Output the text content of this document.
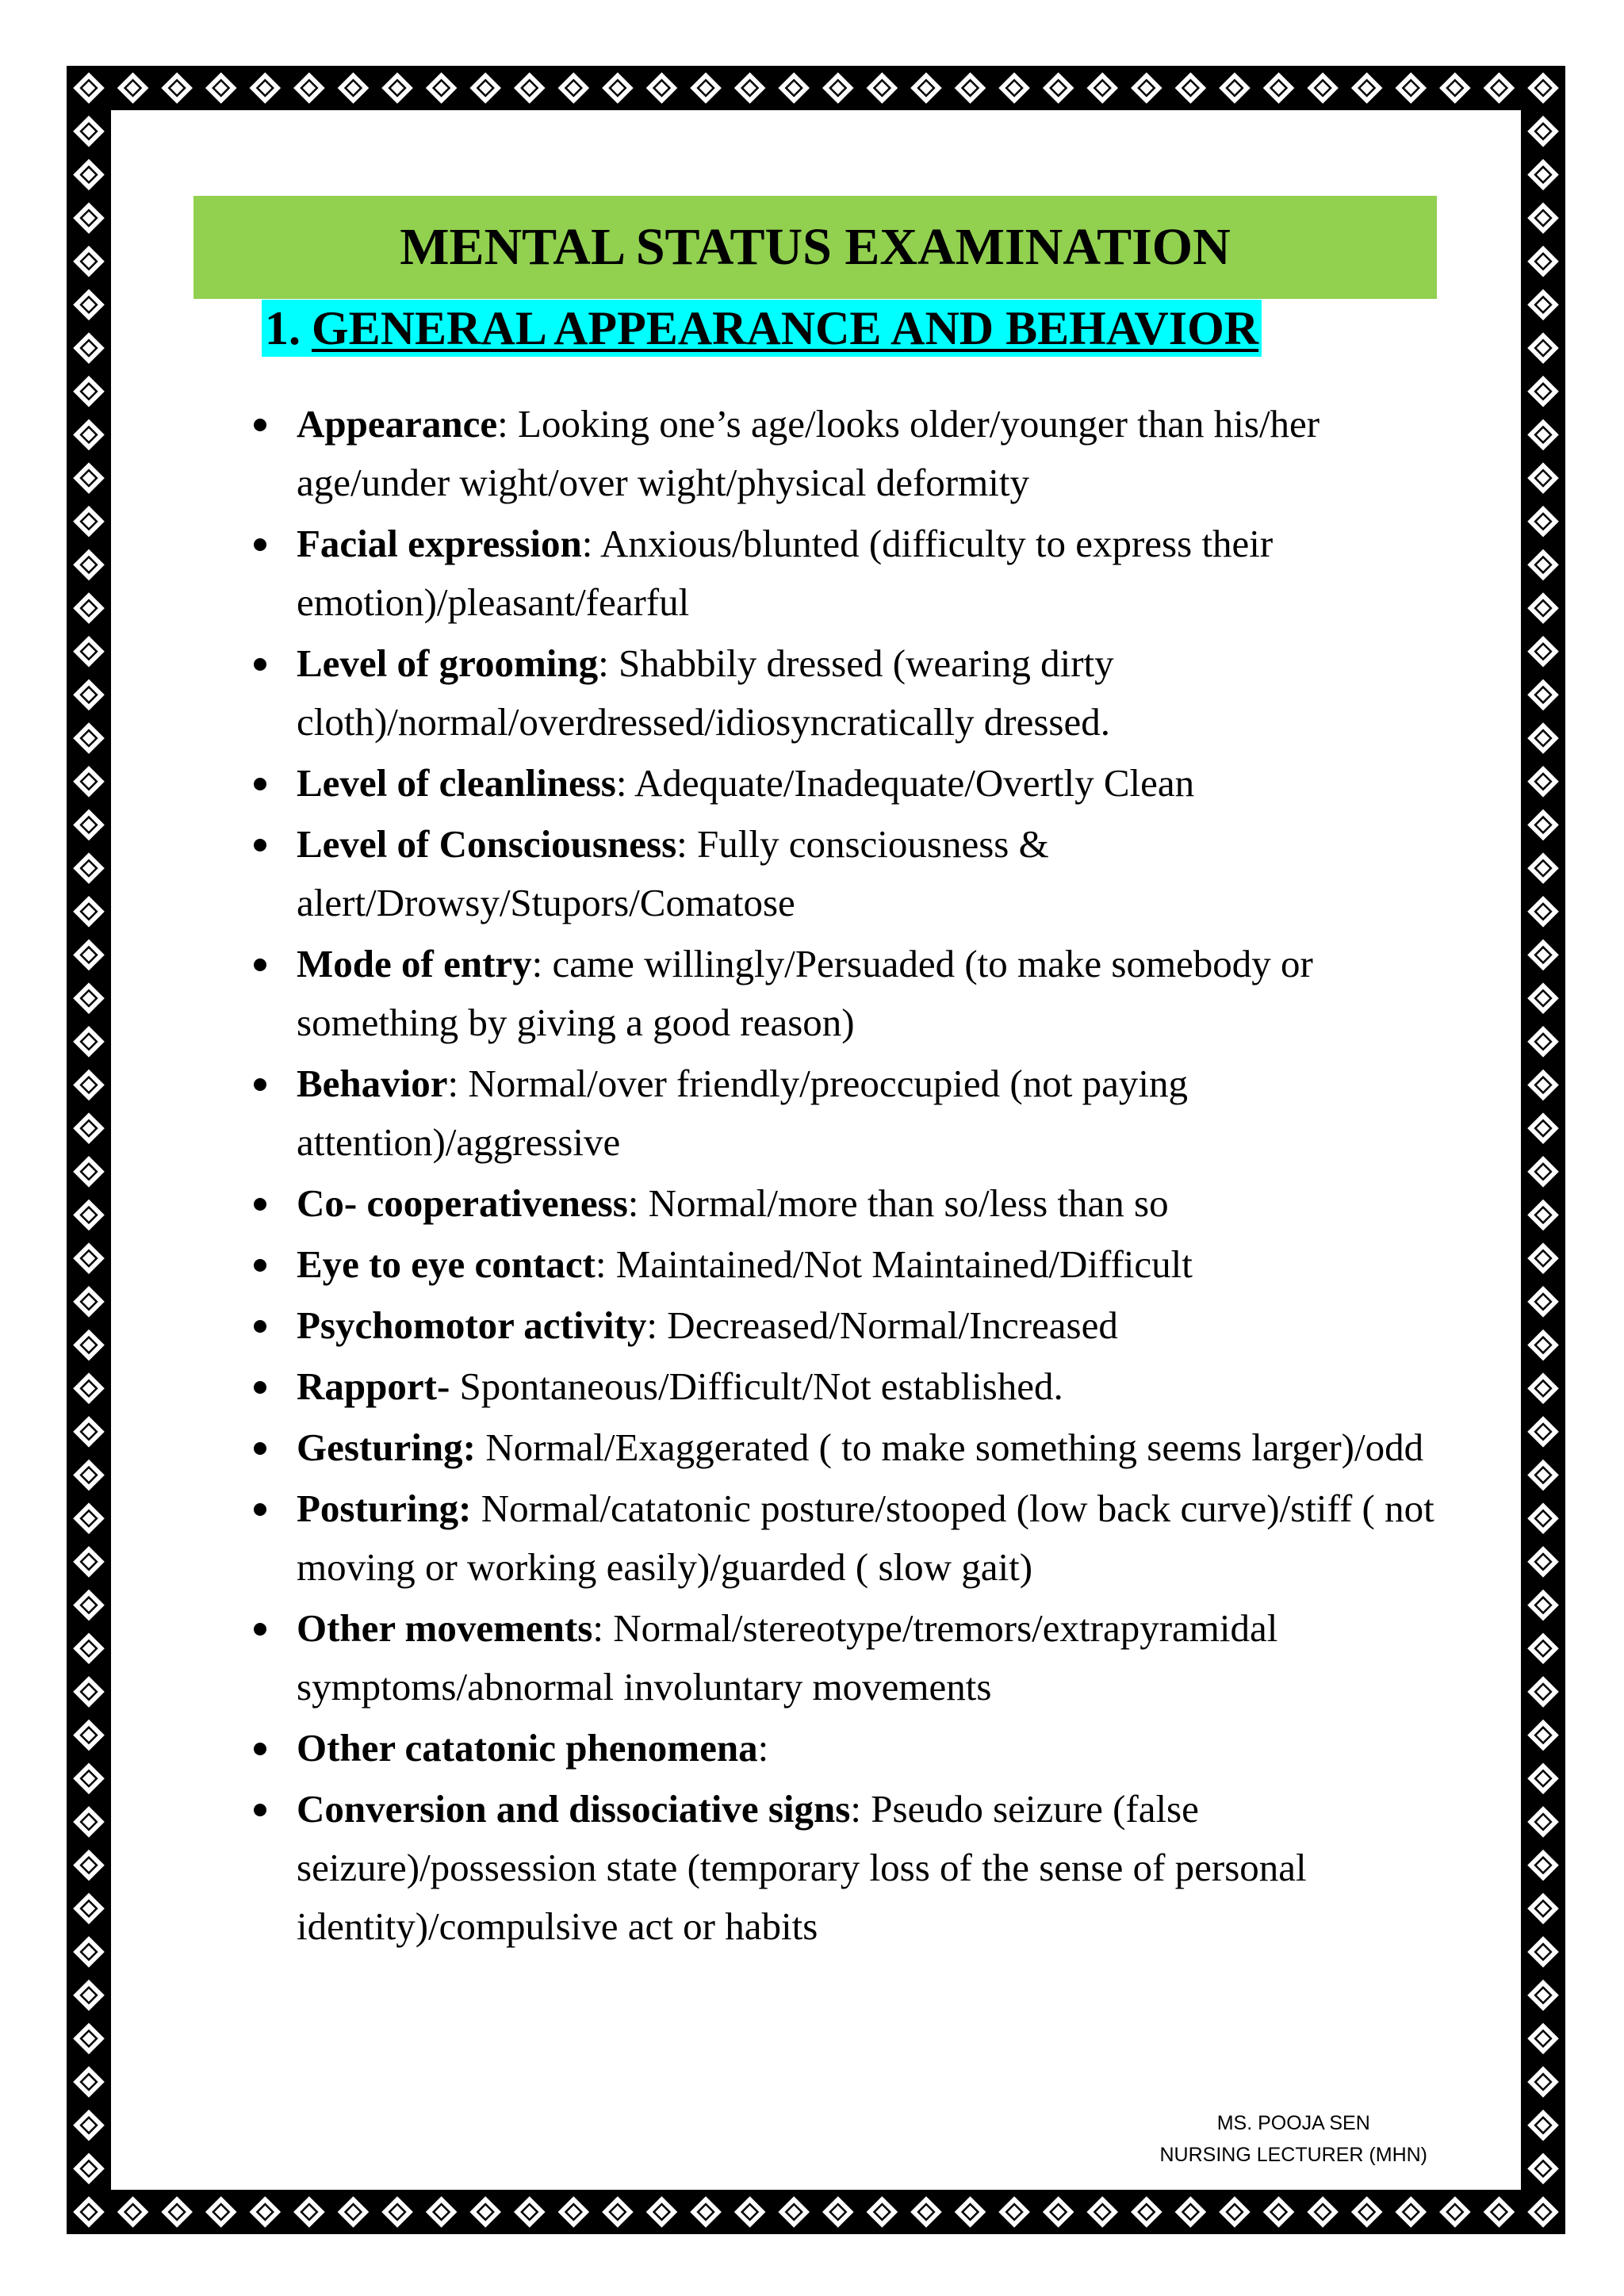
MENTAL STATUS EXAMINATION
1. GENERAL APPEARANCE AND BEHAVIOR
Appearance: Looking one’s age/looks older/younger than his/her age/under wight/over wight/physical deformity
Facial expression: Anxious/blunted (difficulty to express their emotion)/pleasant/fearful
Level of grooming: Shabbily dressed (wearing dirty cloth)/normal/overdressed/idiosyncratically dressed.
Level of cleanliness: Adequate/Inadequate/Overtly Clean
Level of Consciousness: Fully consciousness & alert/Drowsy/Stupors/Comatose
Mode of entry: came willingly/Persuaded (to make somebody or something by giving a good reason)
Behavior: Normal/over friendly/preoccupied (not paying attention)/aggressive
Co- cooperativeness: Normal/more than so/less than so
Eye to eye contact: Maintained/Not Maintained/Difficult
Psychomotor activity: Decreased/Normal/Increased
Rapport- Spontaneous/Difficult/Not established.
Gesturing: Normal/Exaggerated ( to make something seems larger)/odd
Posturing: Normal/catatonic posture/stooped (low back curve)/stiff ( not moving or working easily)/guarded ( slow gait)
Other movements: Normal/stereotype/tremors/extrapyramidal symptoms/abnormal involuntary movements
Other catatonic phenomena:
Conversion and dissociative signs: Pseudo seizure (false seizure)/possession state (temporary loss of the sense of personal identity)/compulsive act or habits
MS. POOJA SEN
NURSING LECTURER (MHN)
